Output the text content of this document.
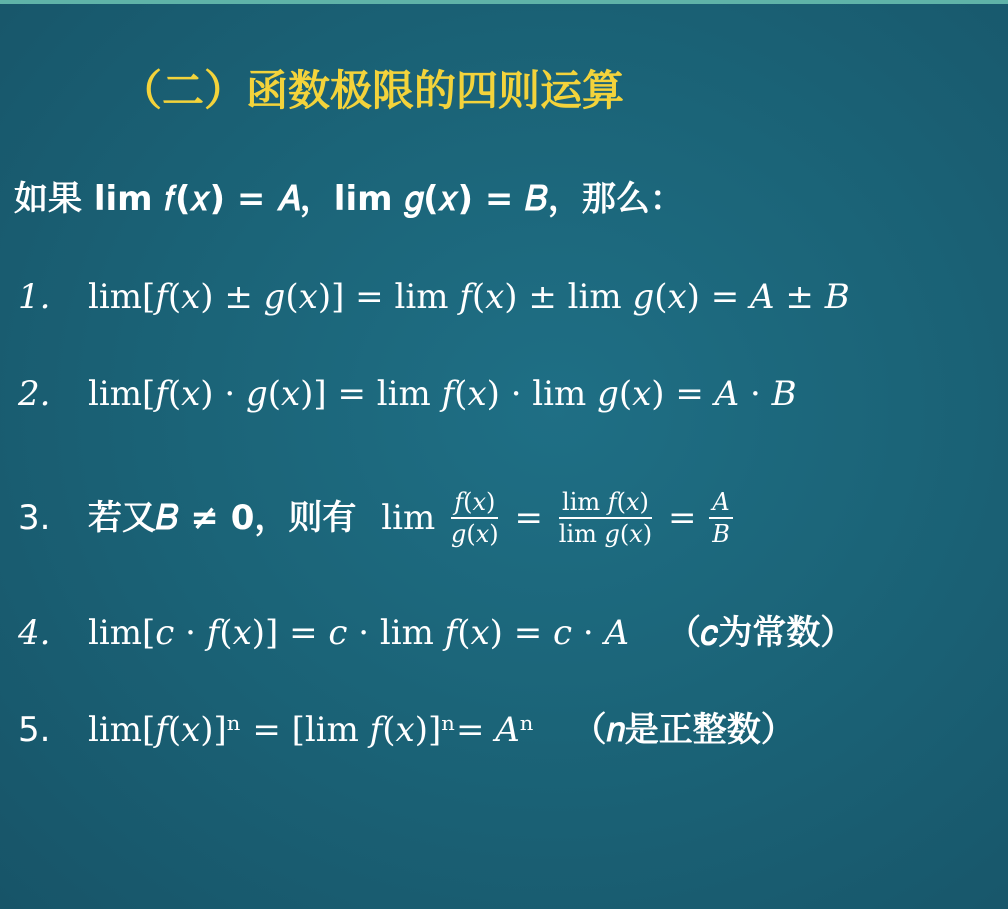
（二）函数极限的四则运算
如果 lim 𝑓(𝑥) = 𝐴，lim 𝑔(𝑥) = 𝐵，那么：
1. lim[𝑓(𝑥) ± 𝑔(𝑥)] = lim 𝑓(𝑥) ± lim 𝑔(𝑥) = 𝐴 ± 𝐵
2. lim[𝑓(𝑥) · 𝑔(𝑥)] = lim 𝑓(𝑥) · lim 𝑔(𝑥) = 𝐴 · 𝐵
3. 若又𝐵 ≠ 0，则有 $\lim \frac{\text{𝑓(𝑥)}}{\text{𝑔(𝑥)}} = \frac{\text{lim 𝑓(𝑥)}}{\text{lim 𝑔(𝑥)}} = \frac{\text{𝐴}}{\text{𝐵}}$
4. lim[𝑐 · 𝑓(𝑥)] = 𝑐 · lim 𝑓(𝑥) = 𝑐 · 𝐴 （𝑐为常数）
5. lim[𝑓(𝑥)]ⁿ = [lim 𝑓(𝑥)]ⁿ= 𝐴ⁿ （𝑛是正整数）
